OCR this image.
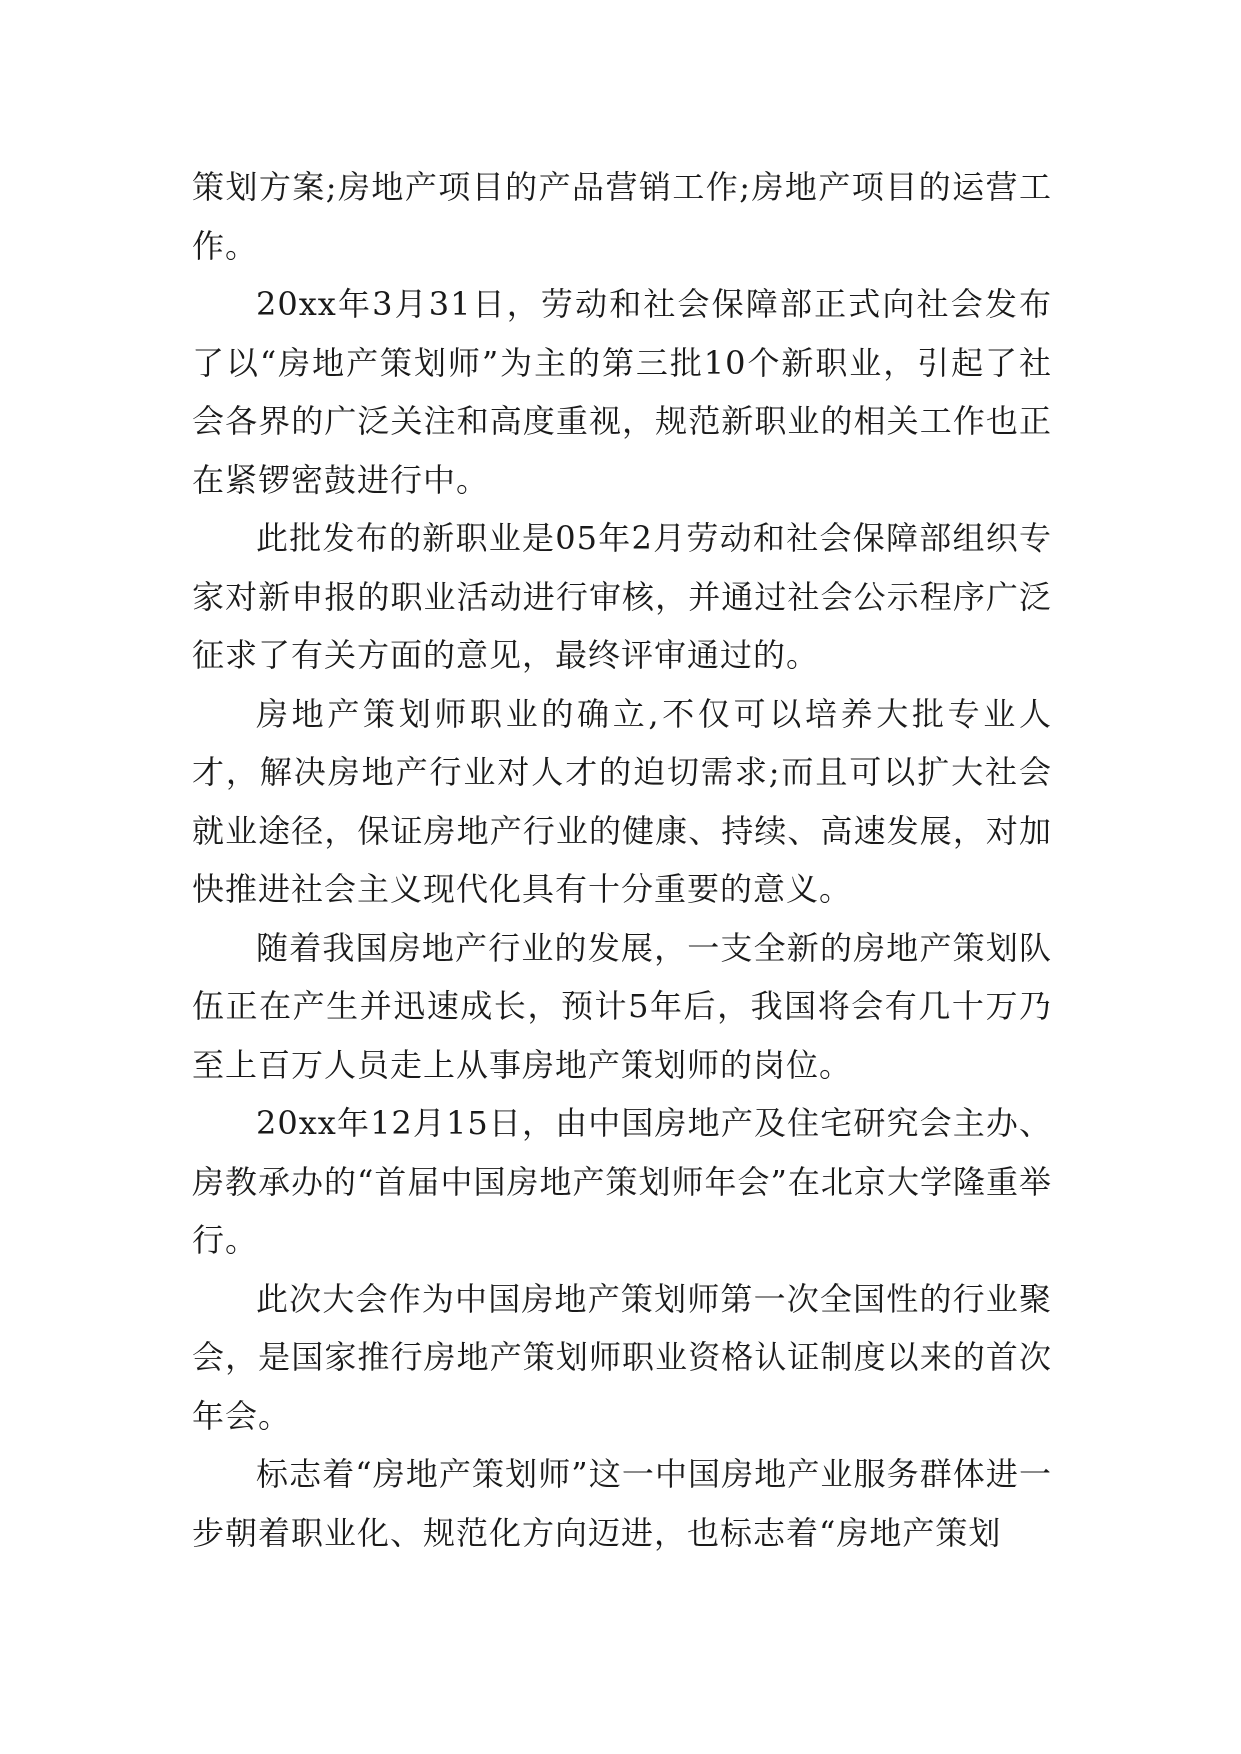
策划方案;房地产项目的产品营销工作;房地产项目的运营工作。

20xx年3月31日，劳动和社会保障部正式向社会发布了以“房地产策划师”为主的第三批10个新职业，引起了社会各界的广泛关注和高度重视，规范新职业的相关工作也正在紧锣密鼓进行中。

此批发布的新职业是05年2月劳动和社会保障部组织专家对新申报的职业活动进行审核，并通过社会公示程序广泛征求了有关方面的意见，最终评审通过的。

房地产策划师职业的确立,不仅可以培养大批专业人才，解决房地产行业对人才的迫切需求;而且可以扩大社会就业途径，保证房地产行业的健康、持续、高速发展，对加快推进社会主义现代化具有十分重要的意义。

随着我国房地产行业的发展，一支全新的房地产策划队伍正在产生并迅速成长，预计5年后，我国将会有几十万乃至上百万人员走上从事房地产策划师的岗位。

20xx年12月15日，由中国房地产及住宅研究会主办、房教承办的“首届中国房地产策划师年会”在北京大学隆重举行。

此次大会作为中国房地产策划师第一次全国性的行业聚会，是国家推行房地产策划师职业资格认证制度以来的首次年会。

标志着“房地产策划师”这一中国房地产业服务群体进一步朝着职业化、规范化方向迈进，也标志着“房地产策划
